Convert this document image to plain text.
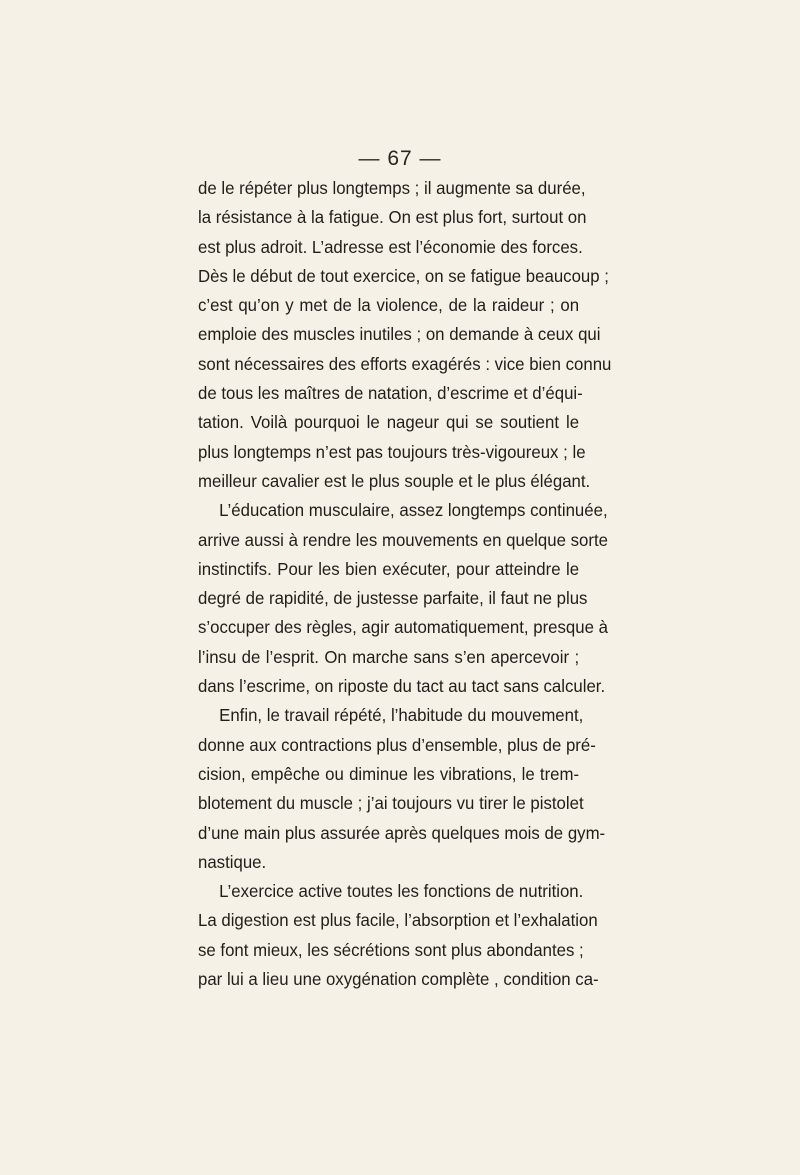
— 67 —
de le répéter plus longtemps ; il augmente sa durée,
la résistance à la fatigue. On est plus fort, surtout on
est plus adroit. L’adresse est l’économie des forces.
Dès le début de tout exercice, on se fatigue beaucoup ;
c’est qu’on y met de la violence, de la raideur ; on
emploie des muscles inutiles ; on demande à ceux qui
sont nécessaires des efforts exagérés : vice bien connu
de tous les maîtres de natation, d’escrime et d’équi-
tation. Voilà pourquoi le nageur qui se soutient le
plus longtemps n’est pas toujours très-vigoureux ; le
meilleur cavalier est le plus souple et le plus élégant.
L’éducation musculaire, assez longtemps continuée,
arrive aussi à rendre les mouvements en quelque sorte
instinctifs. Pour les bien exécuter, pour atteindre le
degré de rapidité, de justesse parfaite, il faut ne plus
s’occuper des règles, agir automatiquement, presque à
l’insu de l’esprit. On marche sans s’en apercevoir ;
dans l’escrime, on riposte du tact au tact sans calculer.
Enfin, le travail répété, l’habitude du mouvement,
donne aux contractions plus d’ensemble, plus de pré-
cision, empêche ou diminue les vibrations, le trem-
blotement du muscle ; j’ai toujours vu tirer le pistolet
d’une main plus assurée après quelques mois de gym-
nastique.
L’exercice active toutes les fonctions de nutrition.
La digestion est plus facile, l’absorption et l’exhalation
se font mieux, les sécrétions sont plus abondantes ;
par lui a lieu une oxygénation complète , condition ca-
